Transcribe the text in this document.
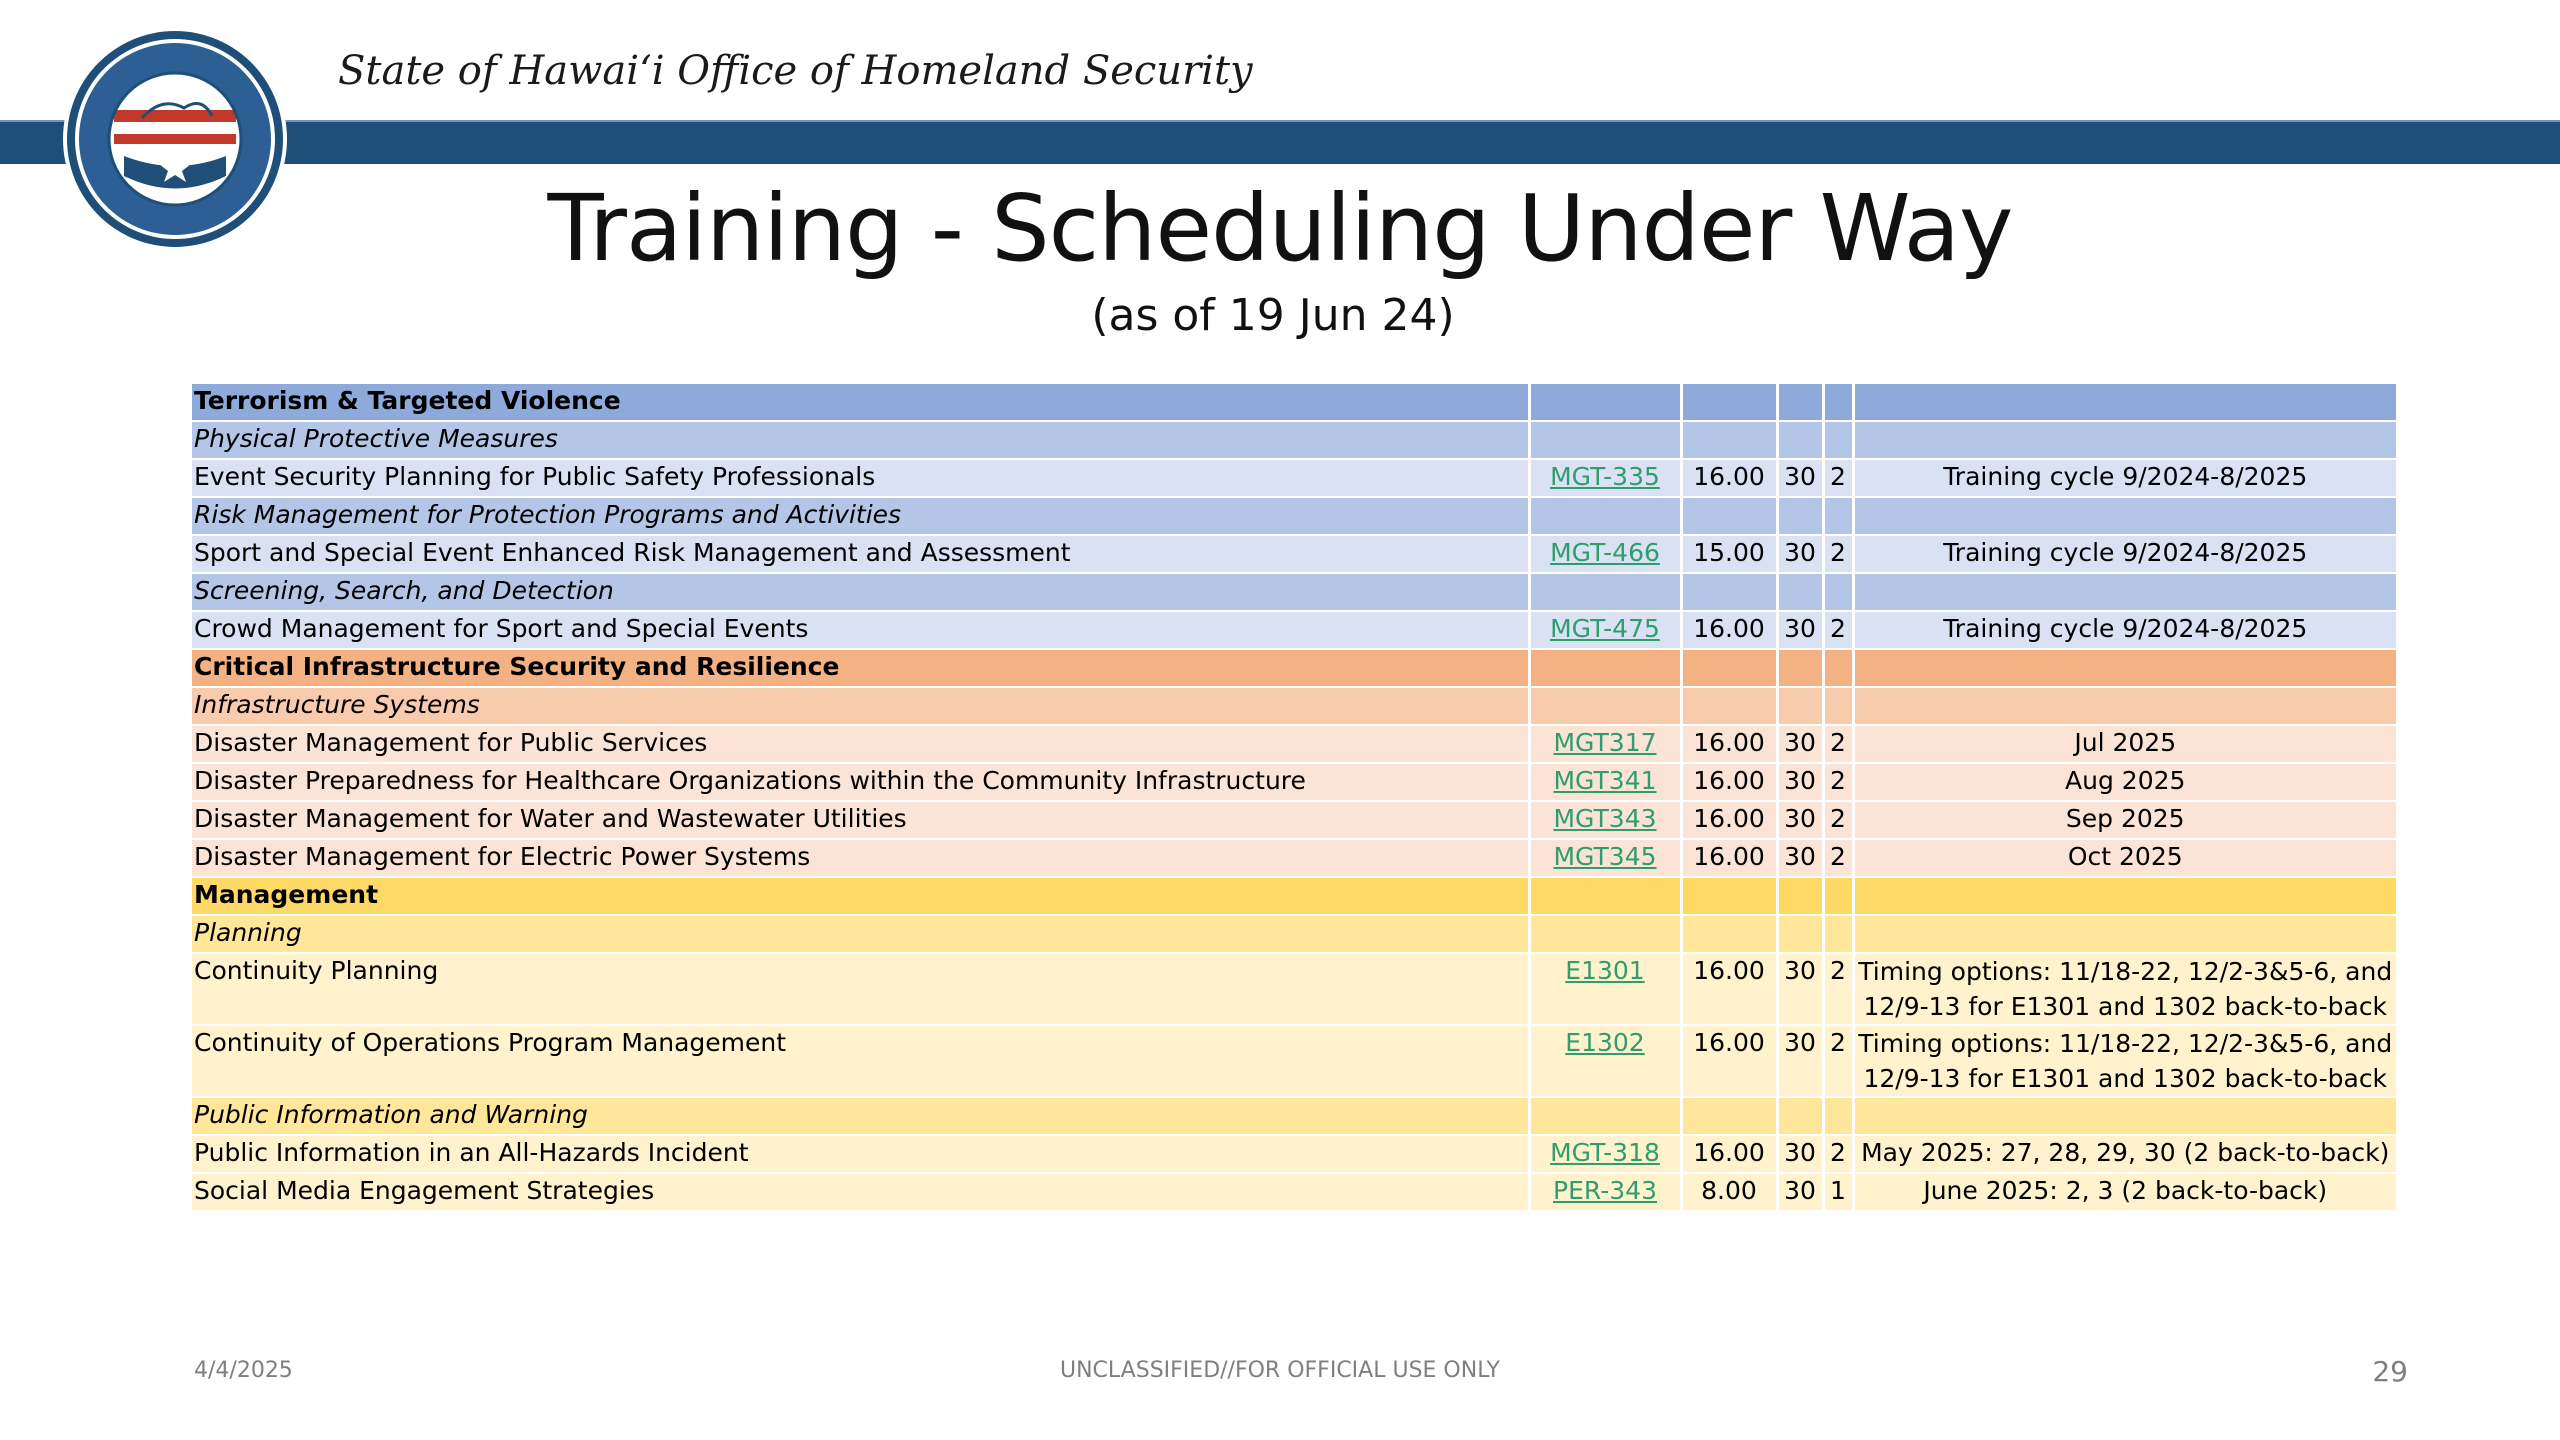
State of Hawaiʻi Office of Homeland Security
Training - Scheduling Under Way
(as of 19 Jun 24)
Terrorism & Targeted Violence					
Physical Protective Measures					
Event Security Planning for Public Safety Professionals	MGT-335	16.00	30	2	Training cycle 9/2024-8/2025
Risk Management for Protection Programs and Activities					
Sport and Special Event Enhanced Risk Management and Assessment	MGT-466	15.00	30	2	Training cycle 9/2024-8/2025
Screening, Search, and Detection					
Crowd Management for Sport and Special Events	MGT-475	16.00	30	2	Training cycle 9/2024-8/2025
Critical Infrastructure Security and Resilience					
Infrastructure Systems					
Disaster Management for Public Services	MGT317	16.00	30	2	Jul 2025
Disaster Preparedness for Healthcare Organizations within the Community Infrastructure	MGT341	16.00	30	2	Aug 2025
Disaster Management for Water and Wastewater Utilities	MGT343	16.00	30	2	Sep 2025
Disaster Management for Electric Power Systems	MGT345	16.00	30	2	Oct 2025
Management					
Planning					
Continuity Planning	E1301	16.00	30	2	Timing options: 11/18-22, 12/2-3&5-6, and 12/9-13 for E1301 and 1302 back-to-back
Continuity of Operations Program Management	E1302	16.00	30	2	Timing options: 11/18-22, 12/2-3&5-6, and 12/9-13 for E1301 and 1302 back-to-back
Public Information and Warning					
Public Information in an All-Hazards Incident	MGT-318	16.00	30	2	May 2025: 27, 28, 29, 30 (2 back-to-back)
Social Media Engagement Strategies	PER-343	8.00	30	1	June 2025: 2, 3 (2 back-to-back)
4/4/2025	UNCLASSIFIED//FOR OFFICIAL USE ONLY	29
